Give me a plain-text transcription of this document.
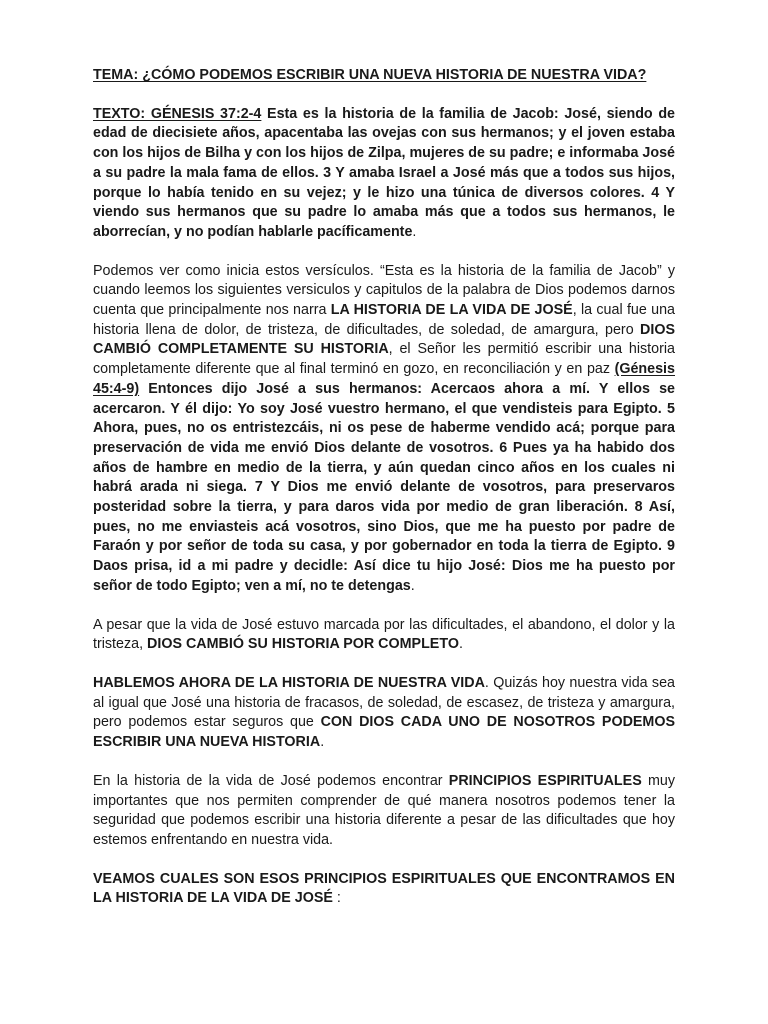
TEMA: ¿CÓMO PODEMOS ESCRIBIR UNA NUEVA HISTORIA DE NUESTRA VIDA?

TEXTO: GÉNESIS 37:2-4 Esta es la historia de la familia de Jacob: José, siendo de edad de diecisiete años, apacentaba las ovejas con sus hermanos; y el joven estaba con los hijos de Bilha y con los hijos de Zilpa, mujeres de su padre; e informaba José a su padre la mala fama de ellos. 3 Y amaba Israel a José más que a todos sus hijos, porque lo había tenido en su vejez; y le hizo una túnica de diversos colores. 4 Y viendo sus hermanos que su padre lo amaba más que a todos sus hermanos, le aborrecían, y no podían hablarle pacíficamente.

Podemos ver como inicia estos versículos. “Esta es la historia de la familia de Jacob” y cuando leemos los siguientes versiculos y capitulos de la palabra de Dios podemos darnos cuenta que principalmente nos narra LA HISTORIA DE LA VIDA DE JOSÉ, la cual fue una historia llena de dolor, de tristeza, de dificultades, de soledad, de amargura, pero DIOS CAMBIÓ COMPLETAMENTE SU HISTORIA, el Señor les permitió escribir una historia completamente diferente que al final terminó en gozo, en reconciliación y en paz (Génesis 45:4-9) Entonces dijo José a sus hermanos: Acercaos ahora a mí. Y ellos se acercaron. Y él dijo: Yo soy José vuestro hermano, el que vendisteis para Egipto. 5 Ahora, pues, no os entristezcáis, ni os pese de haberme vendido acá; porque para preservación de vida me envió Dios delante de vosotros. 6 Pues ya ha habido dos años de hambre en medio de la tierra, y aún quedan cinco años en los cuales ni habrá arada ni siega. 7 Y Dios me envió delante de vosotros, para preservaros posteridad sobre la tierra, y para daros vida por medio de gran liberación. 8 Así, pues, no me enviasteis acá vosotros, sino Dios, que me ha puesto por padre de Faraón y por señor de toda su casa, y por gobernador en toda la tierra de Egipto. 9 Daos prisa, id a mi padre y decidle: Así dice tu hijo José: Dios me ha puesto por señor de todo Egipto; ven a mí, no te detengas.

A pesar que la vida de José estuvo marcada por las dificultades, el abandono, el dolor y la tristeza, DIOS CAMBIÓ SU HISTORIA POR COMPLETO.

HABLEMOS AHORA DE LA HISTORIA DE NUESTRA VIDA. Quizás hoy nuestra vida sea al igual que José una historia de fracasos, de soledad, de escasez, de tristeza y amargura, pero podemos estar seguros que CON DIOS CADA UNO DE NOSOTROS PODEMOS ESCRIBIR UNA NUEVA HISTORIA.

En la historia de la vida de José podemos encontrar PRINCIPIOS ESPIRITUALES muy importantes que nos permiten comprender de qué manera nosotros podemos tener la seguridad que podemos escribir una historia diferente a pesar de las dificultades que hoy estemos enfrentando en nuestra vida.

VEAMOS CUALES SON ESOS PRINCIPIOS ESPIRITUALES QUE ENCONTRAMOS EN LA HISTORIA DE LA VIDA DE JOSÉ :
